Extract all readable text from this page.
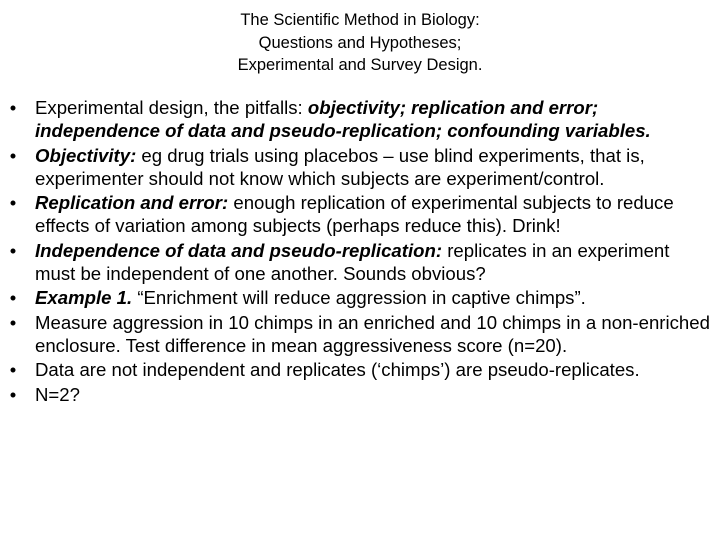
The Scientific Method in Biology:
Questions and Hypotheses;
Experimental and Survey Design.
• Experimental design, the pitfalls: objectivity; replication and error; independence of data and pseudo-replication; confounding variables.
• Objectivity: eg drug trials using placebos – use blind experiments, that is, experimenter should not know which subjects are experiment/control.
• Replication and error: enough replication of experimental subjects to reduce effects of variation among subjects (perhaps reduce this). Drink!
• Independence of data and pseudo-replication: replicates in an experiment must be independent of one another. Sounds obvious?
• Example 1. “Enrichment will reduce aggression in captive chimps”.
• Measure aggression in 10 chimps in an enriched and 10 chimps in a non-enriched enclosure. Test difference in mean aggressiveness score (n=20).
• Data are not independent and replicates (‘chimps’) are pseudo-replicates.
• N=2?
